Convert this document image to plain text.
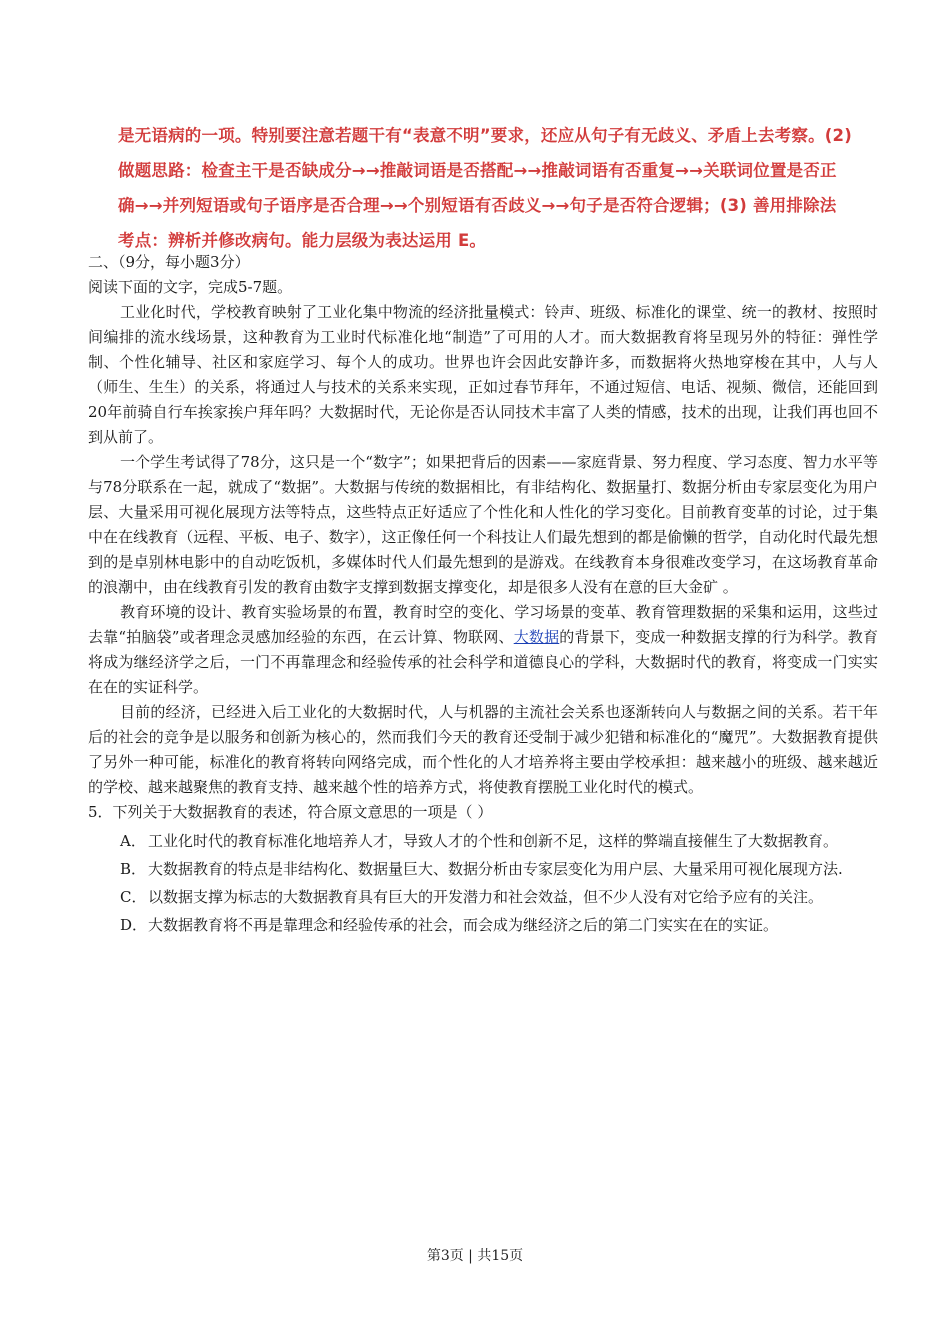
是无语病的一项。特别要注意若题干有“表意不明”要求，还应从句子有无歧义、矛盾上去考察。(2)

做题思路：检查主干是否缺成分→→推敲词语是否搭配→→推敲词语有否重复→→关联词位置是否正

确→→并列短语或句子语序是否合理→→个别短语有否歧义→→句子是否符合逻辑；(3) 善用排除法

考点：辨析并修改病句。能力层级为表达运用 E。

二、（9分，每小题3分）

阅读下面的文字，完成5-7题。

工业化时代，学校教育映射了工业化集中物流的经济批量模式：铃声、班级、标准化的课堂、统一的教材、按照时间编排的流水线场景，这种教育为工业时代标准化地“制造”了可用的人才。而大数据教育将呈现另外的特征：弹性学制、个性化辅导、社区和家庭学习、每个人的成功。世界也许会因此安静许多，而数据将火热地穿梭在其中，人与人（师生、生生）的关系，将通过人与技术的关系来实现，正如过春节拜年，不通过短信、电话、视频、微信，还能回到20年前骑自行车挨家挨户拜年吗？大数据时代，无论你是否认同技术丰富了人类的情感，技术的出现，让我们再也回不到从前了。

一个学生考试得了78分，这只是一个“数字”；如果把背后的因素——家庭背景、努力程度、学习态度、智力水平等与78分联系在一起，就成了“数据”。大数据与传统的数据相比，有非结构化、数据量打、数据分析由专家层变化为用户层、大量采用可视化展现方法等特点，这些特点正好适应了个性化和人性化的学习变化。目前教育变革的讨论，过于集中在在线教育（远程、平板、电子、数字），这正像任何一个科技让人们最先想到的都是偷懒的哲学，自动化时代最先想到的是卓别林电影中的自动吃饭机，多媒体时代人们最先想到的是游戏。在线教育本身很难改变学习，在这场教育革命的浪潮中，由在线教育引发的教育由数字支撑到数据支撑变化，却是很多人没有在意的巨大金矿 。

教育环境的设计、教育实验场景的布置，教育时空的变化、学习场景的变革、教育管理数据的采集和运用，这些过去靠“拍脑袋”或者理念灵感加经验的东西，在云计算、物联网、大数据的背景下，变成一种数据支撑的行为科学。教育将成为继经济学之后，一门不再靠理念和经验传承的社会科学和道德良心的学科，大数据时代的教育，将变成一门实实在在的实证科学。

目前的经济，已经进入后工业化的大数据时代，人与机器的主流社会关系也逐渐转向人与数据之间的关系。若干年后的社会的竞争是以服务和创新为核心的，然而我们今天的教育还受制于减少犯错和标准化的“魔咒”。大数据教育提供了另外一种可能，标准化的教育将转向网络完成，而个性化的人才培养将主要由学校承担：越来越小的班级、越来越近的学校、越来越聚焦的教育支持、越来越个性的培养方式，将使教育摆脱工业化时代的模式。

5．下列关于大数据教育的表述，符合原文意思的一项是（ ）

A． 工业化时代的教育标准化地培养人才，导致人才的个性和创新不足，这样的弊端直接催生了大数据教育。
B． 大数据教育的特点是非结构化、数据量巨大、数据分析由专家层变化为用户层、大量采用可视化展现方法.
C． 以数据支撑为标志的大数据教育具有巨大的开发潜力和社会效益，但不少人没有对它给予应有的关注。
D． 大数据教育将不再是靠理念和经验传承的社会，而会成为继经济之后的第二门实实在在的实证。
第3页 | 共15页
